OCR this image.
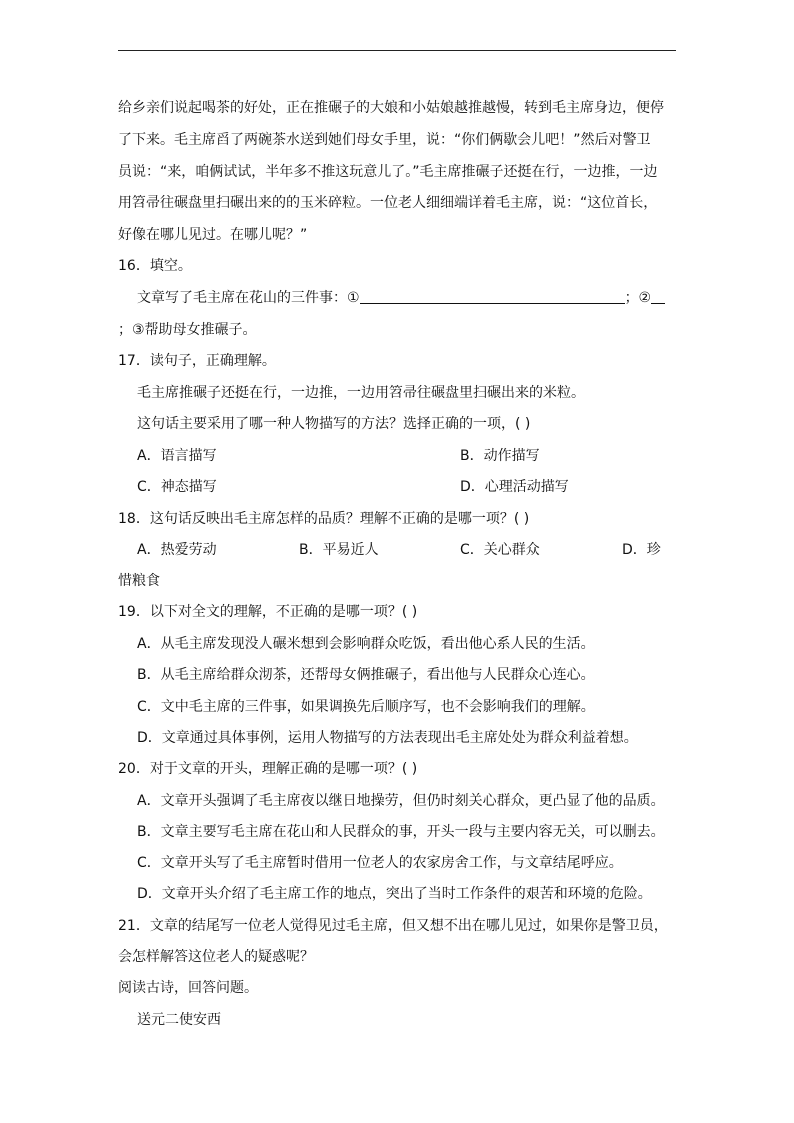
给乡亲们说起喝茶的好处，正在推碾子的大娘和小姑娘越推越慢，转到毛主席身边，便停
了下来。毛主席舀了两碗茶水送到她们母女手里，说：“你们俩歇会儿吧！”然后对警卫
员说：“来，咱俩试试，半年多不推这玩意儿了。”毛主席推碾子还挺在行，一边推，一边
用笤帚往碾盘里扫碾出来的的玉米碎粒。一位老人细细端详着毛主席，说：“这位首长，
好像在哪儿见过。在哪儿呢？”
16．填空。
文章写了毛主席在花山的三件事：①	；②
；③帮助母女推碾子。
17．读句子，正确理解。
毛主席推碾子还挺在行，一边推，一边用笤帚往碾盘里扫碾出来的米粒。
这句话主要采用了哪一种人物描写的方法？选择正确的一项，( )
A．语言描写	B．动作描写
C．神态描写	D．心理活动描写
18．这句话反映出毛主席怎样的品质？理解不正确的是哪一项？( )
A．热爱劳动	B．平易近人	C．关心群众	D．珍
惜粮食
19．以下对全文的理解，不正确的是哪一项？( )
A．从毛主席发现没人碾米想到会影响群众吃饭，看出他心系人民的生活。
B．从毛主席给群众沏茶，还帮母女俩推碾子，看出他与人民群众心连心。
C．文中毛主席的三件事，如果调换先后顺序写，也不会影响我们的理解。
D．文章通过具体事例，运用人物描写的方法表现出毛主席处处为群众利益着想。
20．对于文章的开头，理解正确的是哪一项？( )
A．文章开头强调了毛主席夜以继日地操劳，但仍时刻关心群众，更凸显了他的品质。
B．文章主要写毛主席在花山和人民群众的事，开头一段与主要内容无关，可以删去。
C．文章开头写了毛主席暂时借用一位老人的农家房舍工作，与文章结尾呼应。
D．文章开头介绍了毛主席工作的地点，突出了当时工作条件的艰苦和环境的危险。
21．文章的结尾写一位老人觉得见过毛主席，但又想不出在哪儿见过，如果你是警卫员，
会怎样解答这位老人的疑惑呢？
阅读古诗，回答问题。
送元二使安西
